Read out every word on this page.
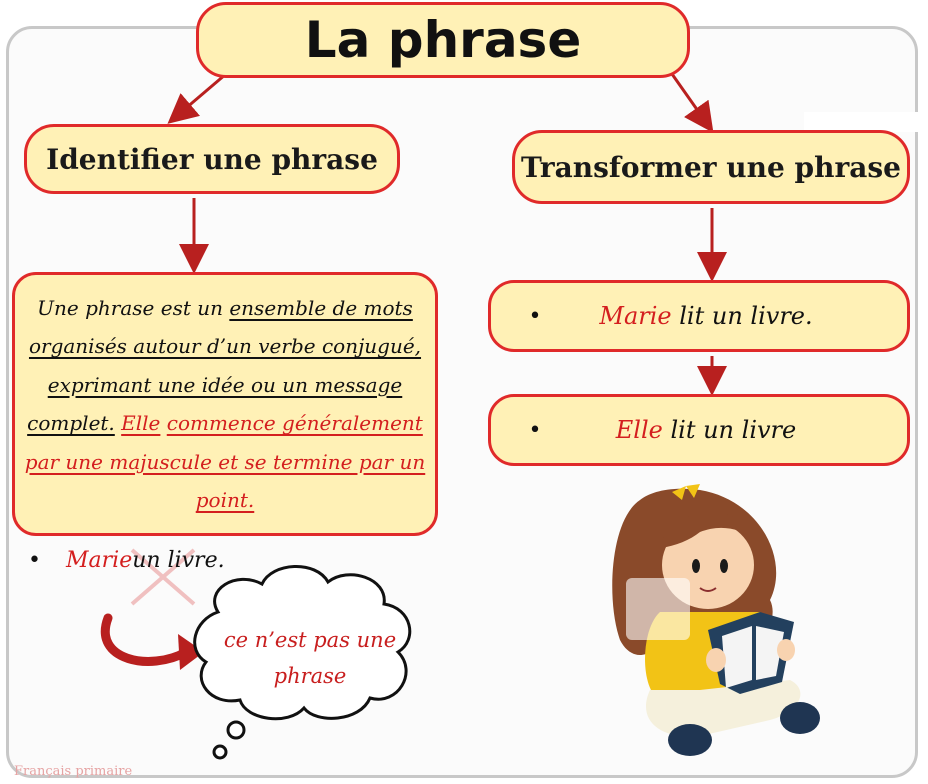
La phrase
Identifier une phrase	Transformer une phrase
Une phrase est un ensemble de mots organisés autour d’un verbe conjugué, exprimant une idée ou un message complet. Elle commence généralement par une majuscule et se termine par un point.
•	Marie lit un livre.
•	Elle lit un livre
•	Marie un livre.
ce n’est pas une phrase
Français primaire
